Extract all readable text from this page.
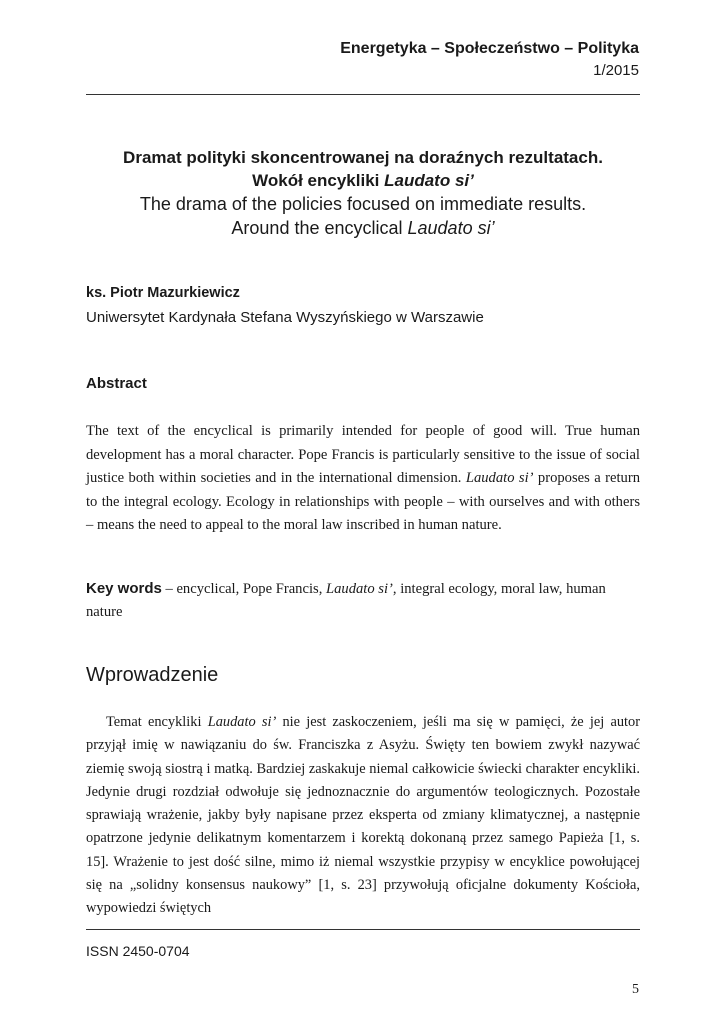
Energetyka – Społeczeństwo – Polityka
1/2015
Dramat polityki skoncentrowanej na doraźnych rezultatach.
Wokół encykliki Laudato si’
The drama of the policies focused on immediate results.
Around the encyclical Laudato si’
ks. Piotr Mazurkiewicz
Uniwersytet Kardynała Stefana Wyszyńskiego w Warszawie
Abstract

The text of the encyclical is primarily intended for people of good will. True human development has a moral character. Pope Francis is particularly sensitive to the issue of social justice both within societies and in the international dimension. Laudato si’ proposes a return to the integral ecology. Ecology in relationships with people – with ourselves and with others – means the need to appeal to the moral law inscribed in human nature.

Key words – encyclical, Pope Francis, Laudato si’, integral ecology, moral law, human nature

Wprowadzenie

Temat encykliki Laudato si’ nie jest zaskoczeniem, jeśli ma się w pamięci, że jej autor przyjął imię w nawiązaniu do św. Franciszka z Asyżu. Święty ten bowiem zwykł nazywać ziemię swoją siostrą i matką. Bardziej zaskakuje niemal całkowicie świecki charakter encykliki. Jedynie drugi rozdział odwołuje się jednoznacznie do argumentów teologicznych. Pozostałe sprawiają wrażenie, jakby były napisane przez eksperta od zmiany klimatycznej, a następnie opatrzone jedynie delikatnym komentarzem i korektą dokonaną przez samego Papieża [1, s. 15]. Wrażenie to jest dość silne, mimo iż niemal wszystkie przypisy w encyklice powołującej się na „solidny konsensus naukowy” [1, s. 23] przywołują oficjalne dokumenty Kościoła, wypowiedzi świętych

ISSN 2450-0704
5
